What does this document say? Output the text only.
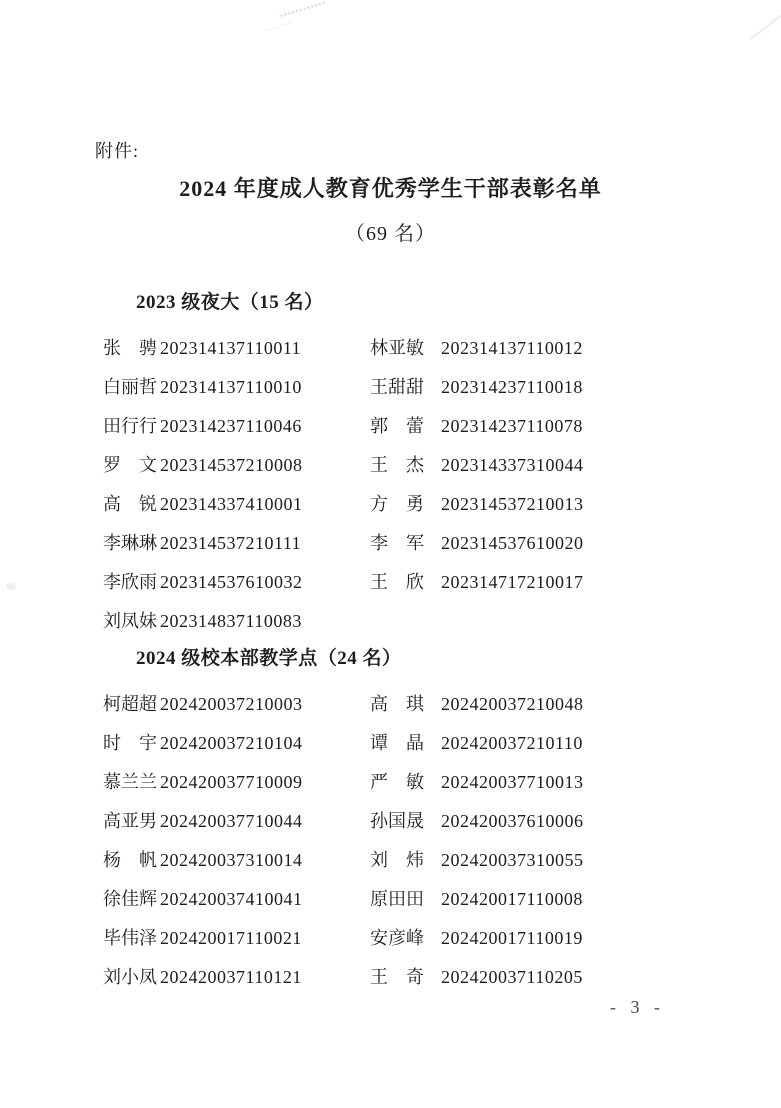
附件:
2024 年度成人教育优秀学生干部表彰名单
（69 名）
2023 级夜大（15 名）
张　骋 202314137110011	林亚敏 202314137110012
白丽哲 202314137110010	王甜甜 202314237110018
田行行 202314237110046	郭　蕾 202314237110078
罗　文 202314537210008	王　杰 202314337310044
高　锐 202314337410001	方　勇 202314537210013
李琳琳 202314537210111	李　军 202314537610020
李欣雨 202314537610032	王　欣 202314717210017
刘凤妹 202314837110083
2024 级校本部教学点（24 名）
柯超超 202420037210003	高　琪 202420037210048
时　宇 202420037210104	谭　晶 202420037210110
慕兰兰 202420037710009	严　敏 202420037710013
高亚男 202420037710044	孙国晟 202420037610006
杨　帆 202420037310014	刘　炜 202420037310055
徐佳辉 202420037410041	原田田 202420017110008
毕伟泽 202420017110021	安彦峰 202420017110019
刘小凤 202420037110121	王　奇 202420037110205
- 3 -
